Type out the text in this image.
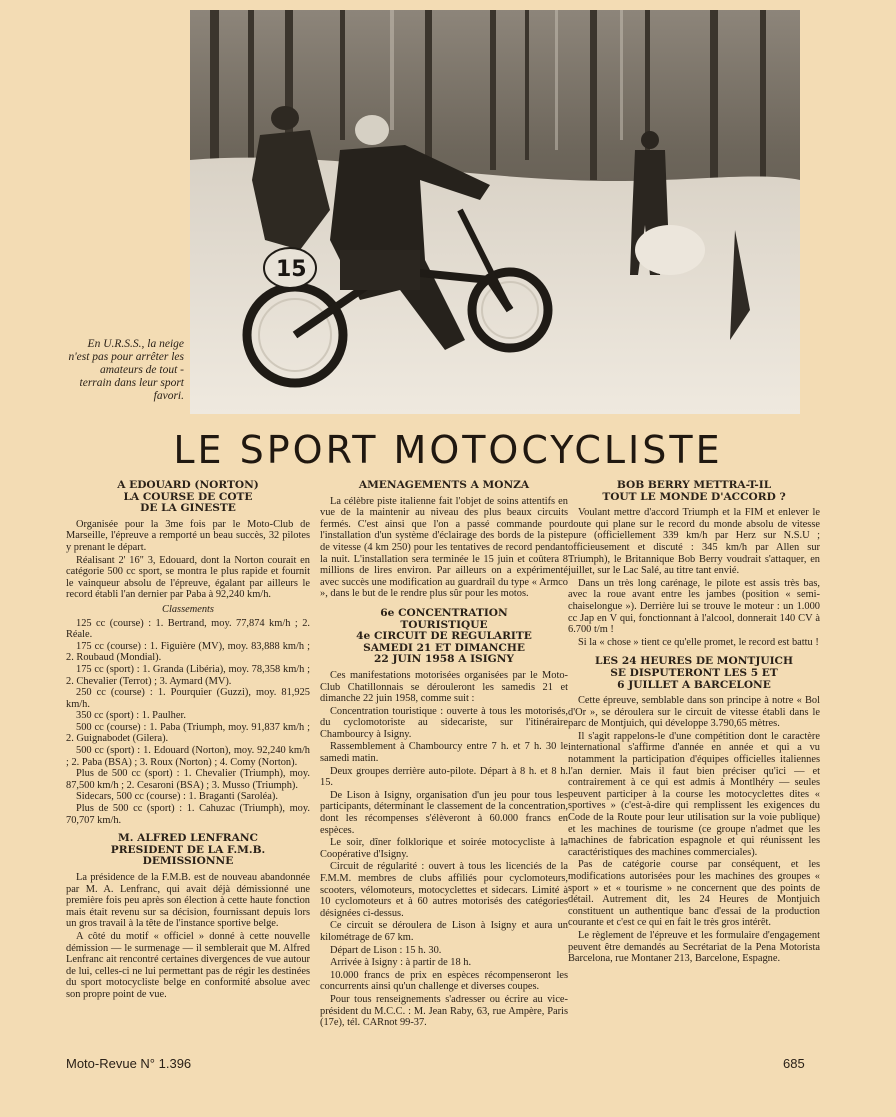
15
En U.R.S.S., la neige n'est pas pour arrêter les amateurs de tout - terrain dans leur sport favori.
LE SPORT MOTOCYCLISTE
A EDOUARD (NORTON)
LA COURSE DE COTE
DE LA GINESTE

Organisée pour la 3me fois par le Moto-Club de Marseille, l'épreuve a remporté un beau succès, 32 pilotes y prenant le départ.

Réalisant 2' 16" 3, Edouard, dont la Norton courait en catégorie 500 cc sport, se montra le plus rapide et fournit le vainqueur absolu de l'épreuve, égalant par ailleurs le record établi l'an dernier par Paba à 92,240 km/h.

Classements

125 cc (course) : 1. Bertrand, moy. 77,874 km/h ; 2. Réale.

175 cc (course) : 1. Figuière (MV), moy. 83,888 km/h ; 2. Roubaud (Mondial).

175 cc (sport) : 1. Granda (Libéria), moy. 78,358 km/h ; 2. Chevalier (Terrot) ; 3. Aymard (MV).

250 cc (course) : 1. Pourquier (Guzzi), moy. 81,925 km/h.

350 cc (sport) : 1. Paulher.

500 cc (course) : 1. Paba (Triumph, moy. 91,837 km/h ; 2. Guignabodet (Gilera).

500 cc (sport) : 1. Edouard (Norton), moy. 92,240 km/h ; 2. Paba (BSA) ; 3. Roux (Norton) ; 4. Comy (Norton).

Plus de 500 cc (sport) : 1. Chevalier (Triumph), moy. 87,500 km/h ; 2. Cesaroni (BSA) ; 3. Musso (Triumph).

Sidecars, 500 cc (course) : 1. Braganti (Saroléa).

Plus de 500 cc (sport) : 1. Cahuzac (Triumph), moy. 70,707 km/h.

M. ALFRED LENFRANC
PRESIDENT DE LA F.M.B.
DEMISSIONNE

La présidence de la F.M.B. est de nouveau abandonnée par M. A. Lenfranc, qui avait déjà démissionné une première fois peu après son élection à cette haute fonction mais était revenu sur sa décision, fournissant depuis lors un gros travail à la tête de l'instance sportive belge.

A côté du motif « officiel » donné à cette nouvelle démission — le surmenage — il semblerait que M. Alfred Lenfranc ait rencontré certaines divergences de vue autour de lui, celles-ci ne lui permettant pas de régir les destinées du sport motocycliste belge en conformité absolue avec son propre point de vue.

AMENAGEMENTS A MONZA

La célèbre piste italienne fait l'objet de soins attentifs en vue de la maintenir au niveau des plus beaux circuits fermés. C'est ainsi que l'on a passé commande pour l'installation d'un système d'éclairage des bords de la piste de vitesse (4 km 250) pour les tentatives de record pendant la nuit. L'installation sera terminée le 15 juin et coûtera 8 millions de lires environ. Par ailleurs on a expérimenté avec succès une modification au guardrail du type « Armco », dans le but de le rendre plus sûr pour les motos.

6e CONCENTRATION
TOURISTIQUE
4e CIRCUIT DE REGULARITE
SAMEDI 21 ET DIMANCHE
22 JUIN 1958 A ISIGNY

Ces manifestations motorisées organisées par le Moto-Club Chatillonnais se dérouleront les samedis 21 et dimanche 22 juin 1958, comme suit :

Concentration touristique : ouverte à tous les motorisés, du cyclomotoriste au sidecariste, sur l'itinéraire Chambourcy à Isigny.

Rassemblement à Chambourcy entre 7 h. et 7 h. 30 le samedi matin.

Deux groupes derrière auto-pilote. Départ à 8 h. et 8 h. 15.

De Lison à Isigny, organisation d'un jeu pour tous les participants, déterminant le classement de la concentration, dont les récompenses s'élèveront à 60.000 francs en espèces.

Le soir, dîner folklorique et soirée motocycliste à la Coopérative d'Isigny.

Circuit de régularité : ouvert à tous les licenciés de la F.M.M. membres de clubs affiliés pour cyclomoteurs, scooters, vélomoteurs, motocyclettes et sidecars. Limité à 10 cyclomoteurs et à 60 autres motorisés des catégories désignées ci-dessus.

Ce circuit se déroulera de Lison à Isigny et aura un kilométrage de 67 km.

Départ de Lison : 15 h. 30.

Arrivée à Isigny : à partir de 18 h.

10.000 francs de prix en espèces récompenseront les concurrents ainsi qu'un challenge et diverses coupes.

Pour tous renseignements s'adresser ou écrire au vice-président du M.C.C. : M. Jean Raby, 63, rue Ampère, Paris (17e), tél. CARnot 99-37.

BOB BERRY METTRA-T-IL
TOUT LE MONDE D'ACCORD ?

Voulant mettre d'accord Triumph et la FIM et enlever le doute qui plane sur le record du monde absolu de vitesse pure (officiellement 339 km/h par Herz sur N.S.U ; officieusement et discuté : 345 km/h par Allen sur Triumph), le Britannique Bob Berry voudrait s'attaquer, en juillet, sur le Lac Salé, au titre tant envié.

Dans un très long carénage, le pilote est assis très bas, avec la roue avant entre les jambes (position « semi-chaiselongue »). Derrière lui se trouve le moteur : un 1.000 cc Jap en V qui, fonctionnant à l'alcool, donnerait 140 CV à 6.700 t/m !

Si la « chose » tient ce qu'elle promet, le record est battu !

LES 24 HEURES DE MONTJUICH
SE DISPUTERONT LES 5 ET
6 JUILLET A BARCELONE

Cette épreuve, semblable dans son principe à notre « Bol d'Or », se déroulera sur le circuit de vitesse établi dans le parc de Montjuich, qui développe 3.790,65 mètres.

Il s'agit rappelons-le d'une compétition dont le caractère international s'affirme d'année en année et qui a vu notamment la participation d'équipes officielles italiennes l'an dernier. Mais il faut bien préciser qu'ici — et contrairement à ce qui est admis à Montlhéry — seules peuvent participer à la course les motocyclettes dites « sportives » (c'est-à-dire qui remplissent les exigences du Code de la Route pour leur utilisation sur la voie publique) et les machines de tourisme (ce groupe n'admet que les machines de fabrication espagnole et qui réunissent les caractéristiques des machines commerciales).

Pas de catégorie course par conséquent, et les modifications autorisées pour les machines des groupes « sport » et « tourisme » ne concernent que des points de détail. Autrement dit, les 24 Heures de Montjuich constituent un authentique banc d'essai de la production courante et c'est ce qui en fait le très gros intérêt.

Le règlement de l'épreuve et les formulaire d'engagement peuvent être demandés au Secrétariat de la Pena Motorista Barcelona, rue Montaner 213, Barcelone, Espagne.

Moto-Revue N° 1.396	685
